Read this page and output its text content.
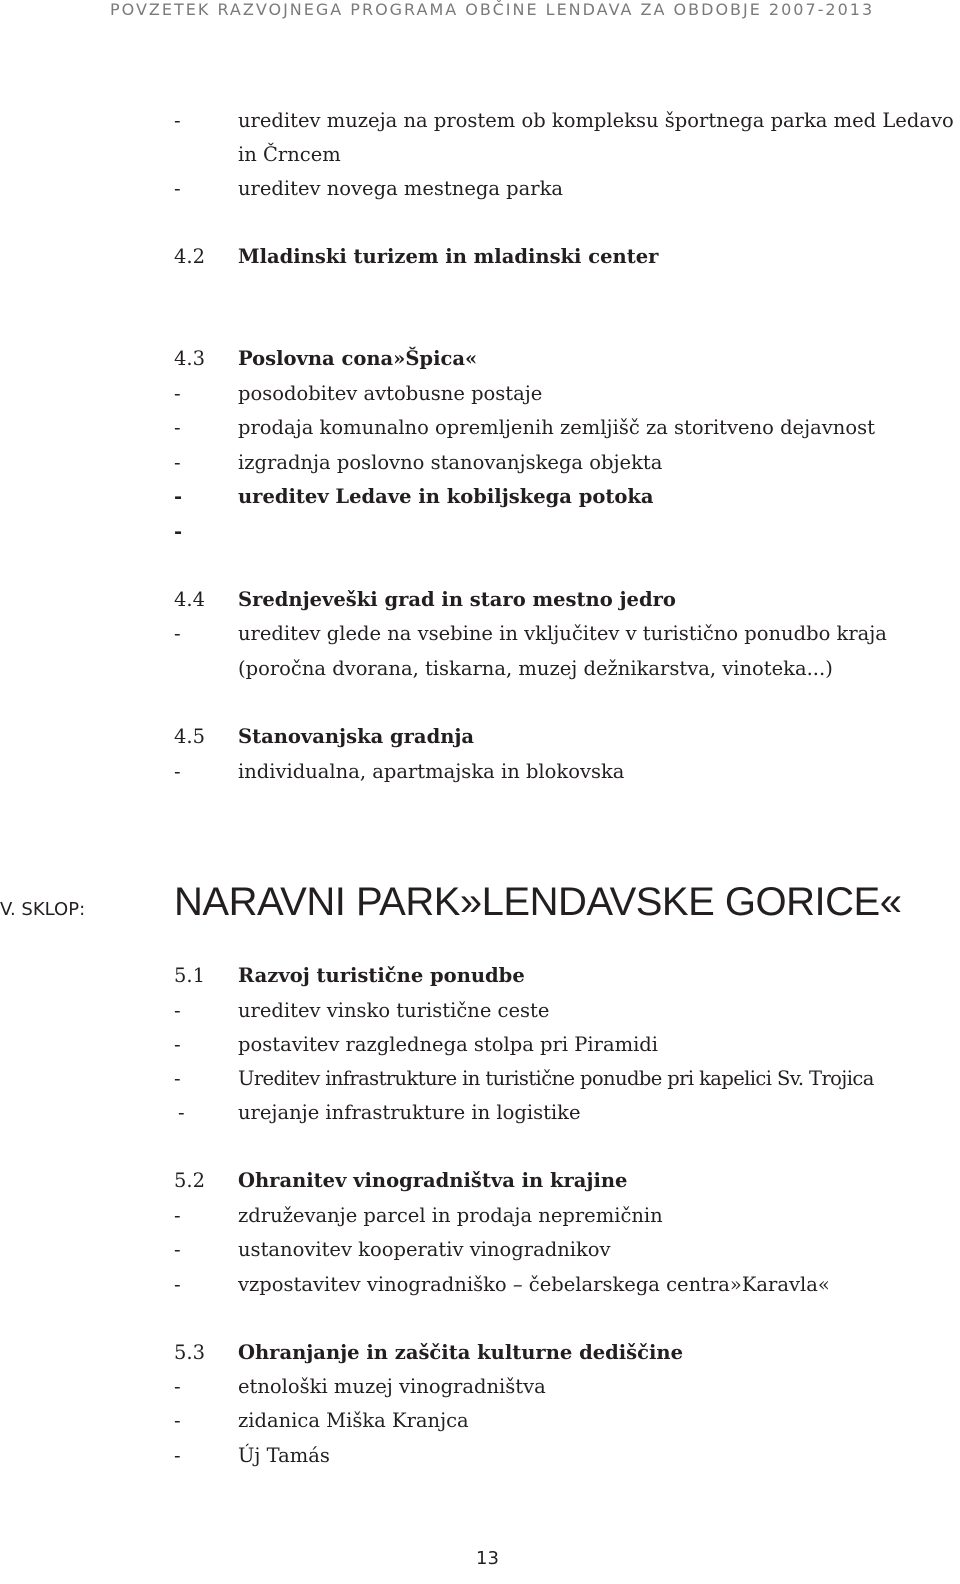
POVZETEK RAZVOJNEGA PROGRAMA OBČINE LENDAVA ZA OBDOBJE 2007-2013
-	ureditev muzeja na prostem ob kompleksu športnega parka med Ledavo
in Črncem
-	ureditev novega mestnega parka
4.2 Mladinski turizem in mladinski center
4.3 Poslovna cona»Špica«
-	posodobitev avtobusne postaje
-	prodaja komunalno opremljenih zemljišč za storitveno dejavnost
-	izgradnja poslovno stanovanjskega objekta
-	ureditev Ledave in kobiljskega potoka
-
4.4 Srednjeveški grad in staro mestno jedro
-	ureditev glede na vsebine in vključitev v turistično ponudbo kraja
(poročna dvorana, tiskarna, muzej dežnikarstva, vinoteka...)
4.5 Stanovanjska gradnja
-	individualna, apartmajska in blokovska
V. SKLOP: NARAVNI PARK»LENDAVSKE GORICE«
5.1 Razvoj turistične ponudbe
-	ureditev vinsko turistične ceste
-	postavitev razglednega stolpa pri Piramidi
-	Ureditev infrastrukture in turistične ponudbe pri kapelici Sv. Trojica
-	urejanje infrastrukture in logistike
5.2 Ohranitev vinogradništva in krajine
-	združevanje parcel in prodaja nepremičnin
-	ustanovitev kooperativ vinogradnikov
-	vzpostavitev vinogradniško – čebelarskega centra»Karavla«
5.3 Ohranjanje in zaščita kulturne dediščine
-	etnološki muzej vinogradništva
-	zidanica Miška Kranjca
-	Új Tamás
13
